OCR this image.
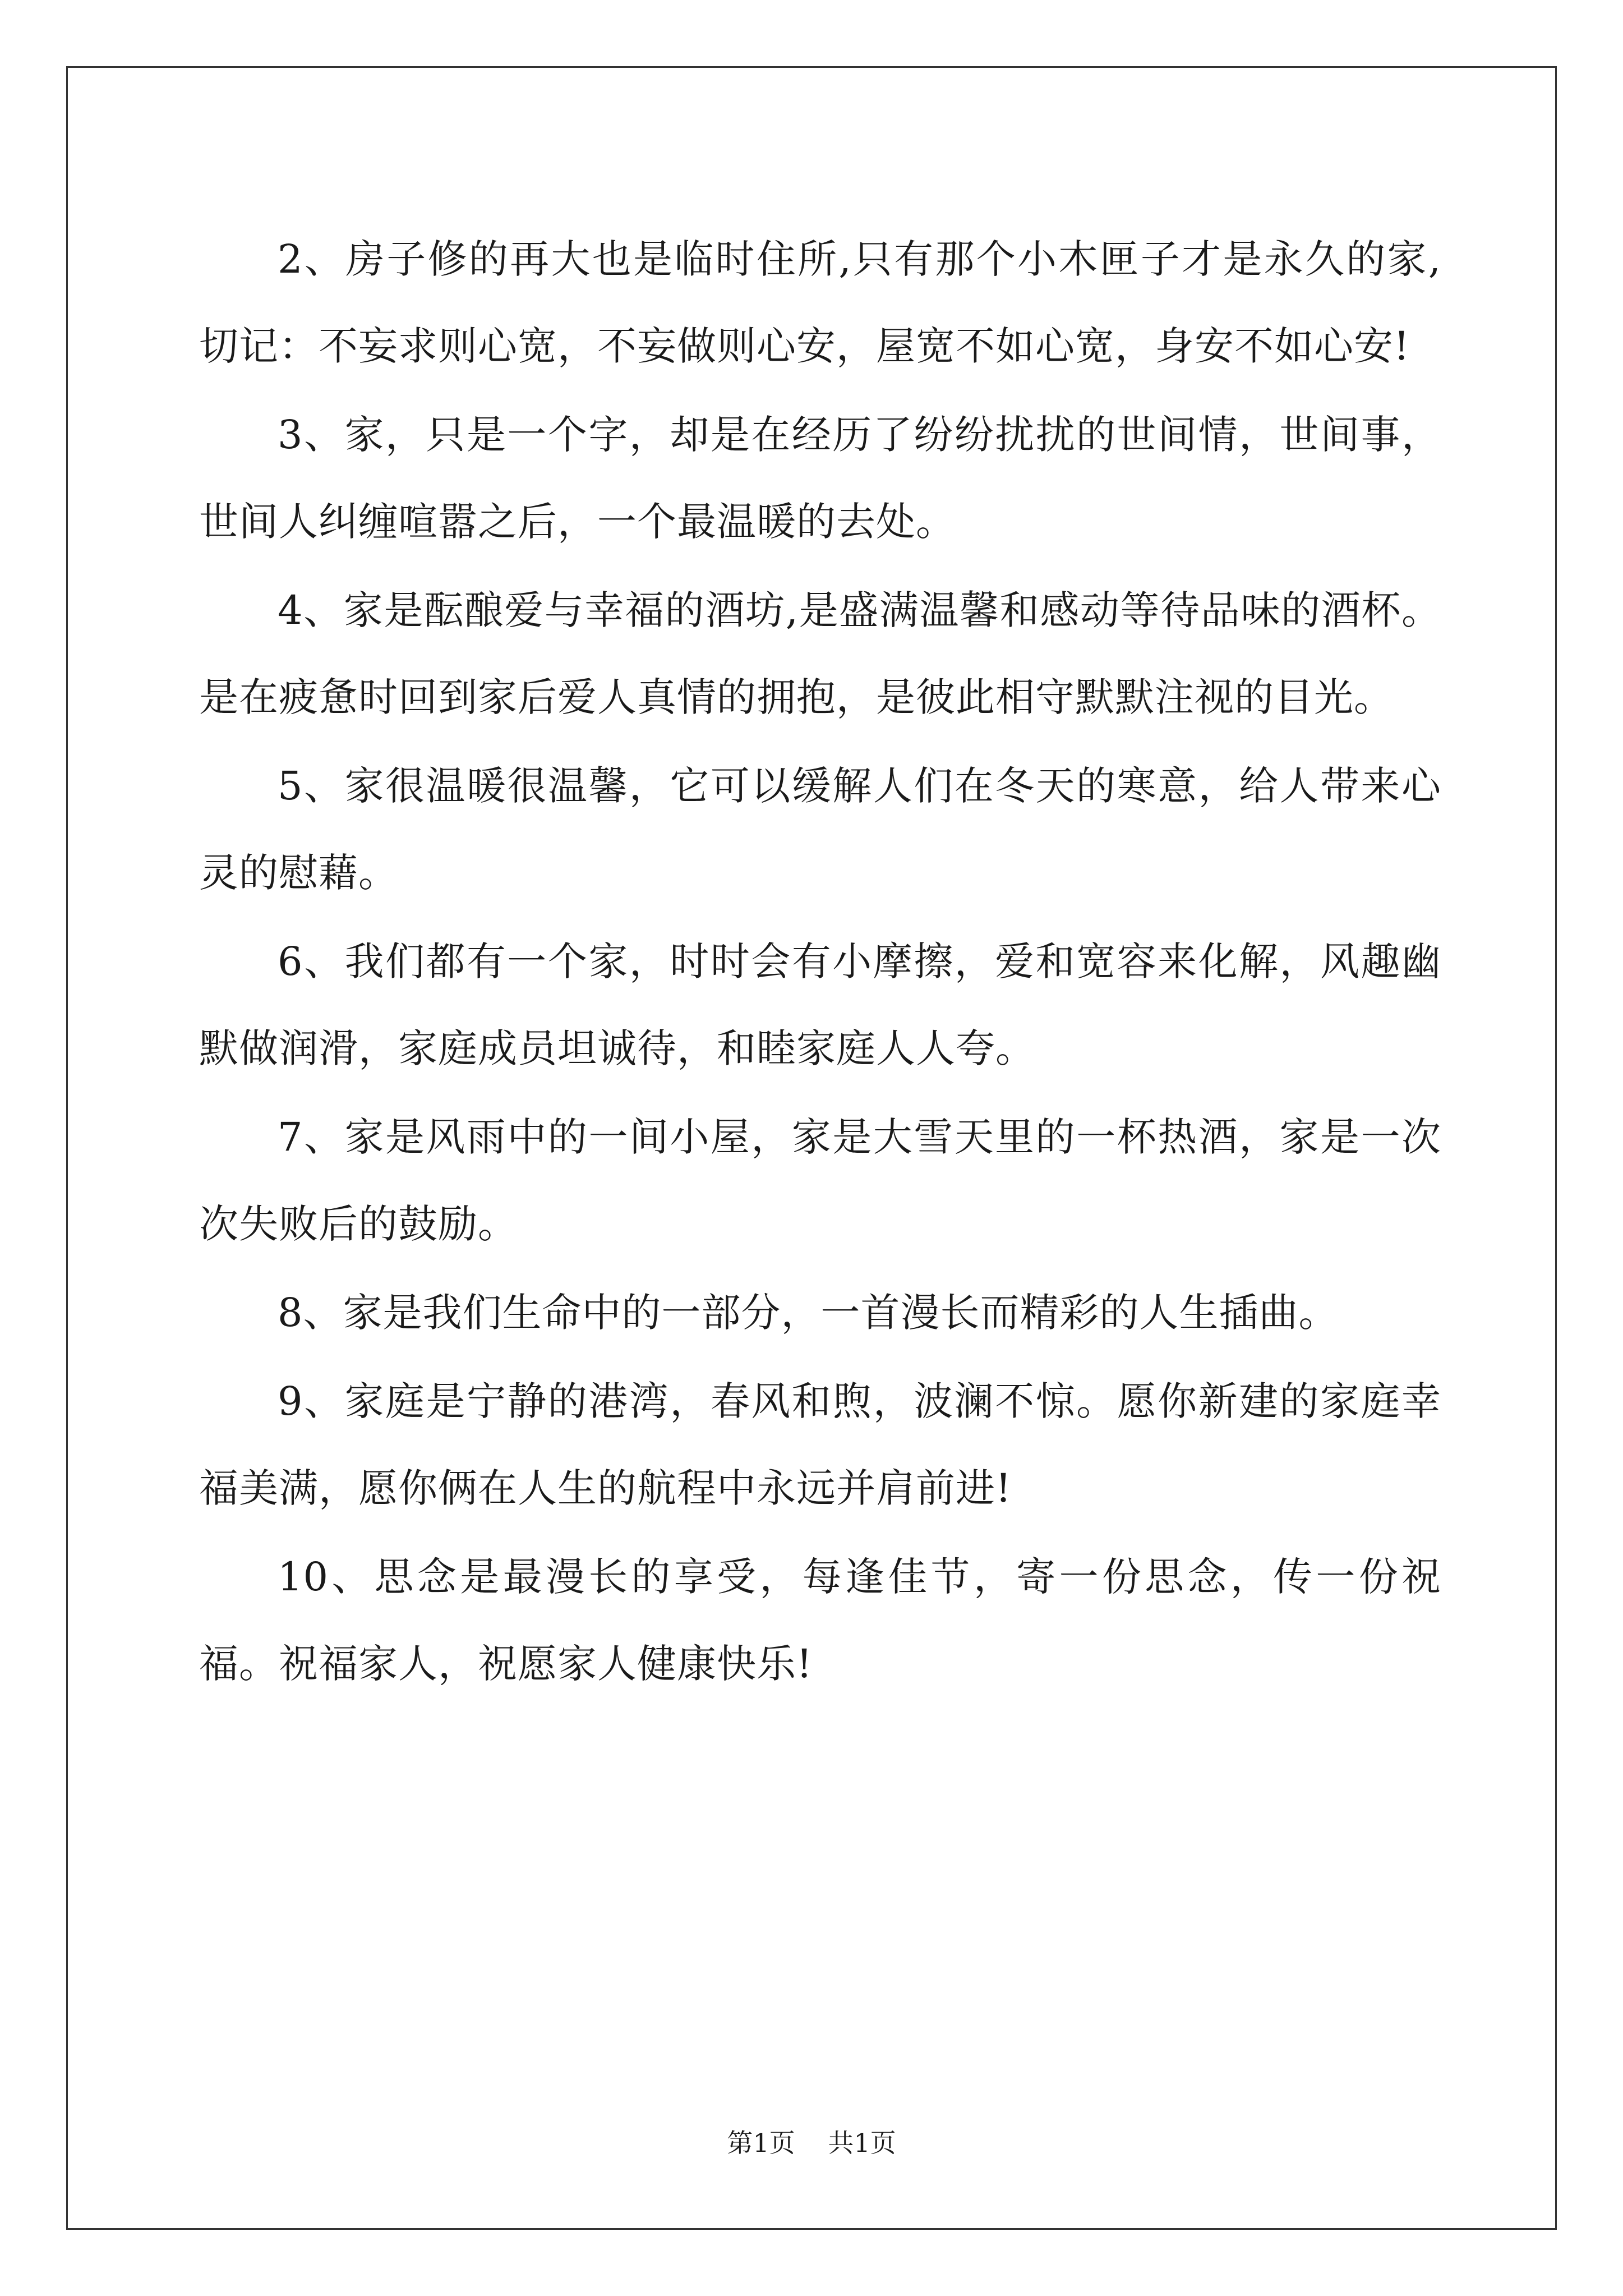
2、房子修的再大也是临时住所,只有那个小木匣子才是永久的家,切记：不妄求则心宽，不妄做则心安，屋宽不如心宽，身安不如心安!

3、家，只是一个字，却是在经历了纷纷扰扰的世间情，世间事，世间人纠缠喧嚣之后，一个最温暖的去处。

4、家是酝酿爱与幸福的酒坊,是盛满温馨和感动等待品味的酒杯。是在疲惫时回到家后爱人真情的拥抱，是彼此相守默默注视的目光。

5、家很温暖很温馨，它可以缓解人们在冬天的寒意，给人带来心灵的慰藉。

6、我们都有一个家，时时会有小摩擦，爱和宽容来化解，风趣幽默做润滑，家庭成员坦诚待，和睦家庭人人夸。

7、家是风雨中的一间小屋，家是大雪天里的一杯热酒，家是一次次失败后的鼓励。

8、家是我们生命中的一部分，一首漫长而精彩的人生插曲。

9、家庭是宁静的港湾，春风和煦，波澜不惊。愿你新建的家庭幸福美满，愿你俩在人生的航程中永远并肩前进!

10、思念是最漫长的享受，每逢佳节，寄一份思念，传一份祝福。祝福家人，祝愿家人健康快乐!

第1页 共1页
